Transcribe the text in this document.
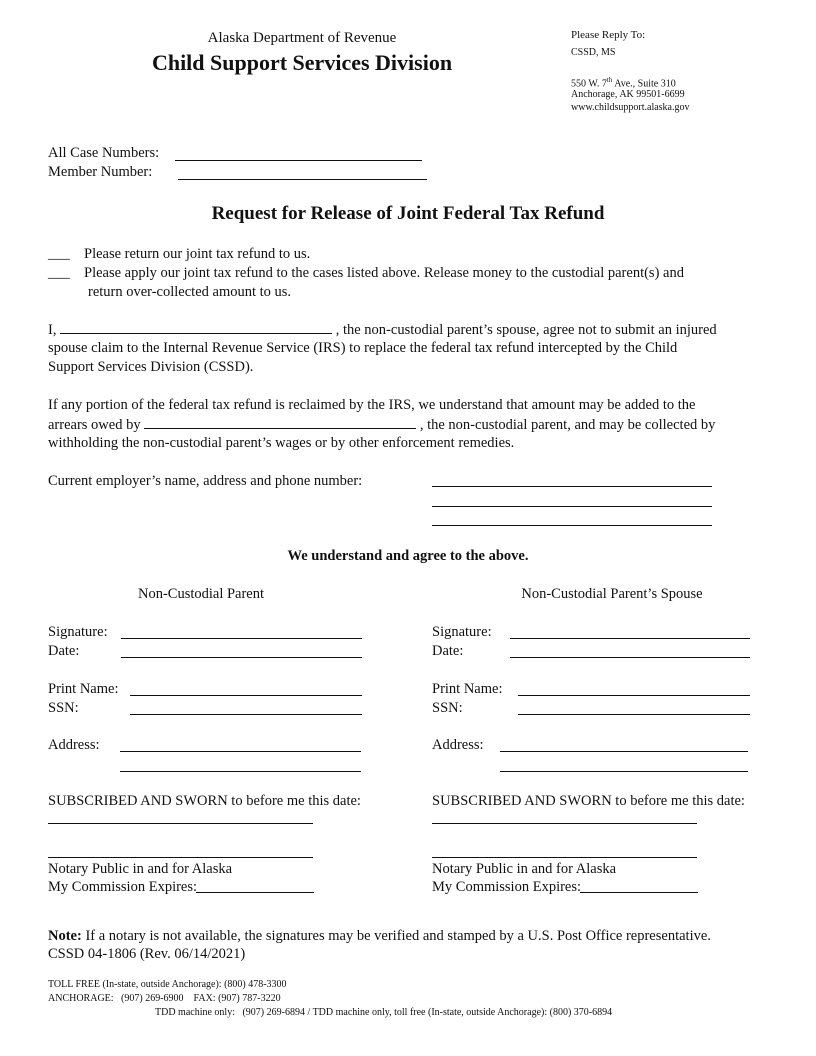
Alaska Department of Revenue
Child Support Services Division
Please Reply To:
CSSD, MS
550 W. 7th Ave., Suite 310
Anchorage, AK 99501-6699
www.childsupport.alaska.gov
All Case Numbers:
Member Number:
Request for Release of Joint Federal Tax Refund
___ Please return our joint tax refund to us.
___ Please apply our joint tax refund to the cases listed above. Release money to the custodial parent(s) and
return over-collected amount to us.
I,	, the non-custodial parent’s spouse, agree not to submit an injured
spouse claim to the Internal Revenue Service (IRS) to replace the federal tax refund intercepted by the Child
Support Services Division (CSSD).
If any portion of the federal tax refund is reclaimed by the IRS, we understand that amount may be added to the
arrears owed by	, the non-custodial parent, and may be collected by
withholding the non-custodial parent’s wages or by other enforcement remedies.
Current employer’s name, address and phone number:
We understand and agree to the above.
Non-Custodial Parent
Signature:
Date:
Print Name:
SSN:
Address:
SUBSCRIBED AND SWORN to before me this date:
Notary Public in and for Alaska
My Commission Expires:
Non-Custodial Parent’s Spouse
Signature:
Date:
Print Name:
SSN:
Address:
SUBSCRIBED AND SWORN to before me this date:
Notary Public in and for Alaska
My Commission Expires:
Note: If a notary is not available, the signatures may be verified and stamped by a U.S. Post Office representative.
CSSD 04-1806 (Rev. 06/14/2021)
TOLL FREE (In-state, outside Anchorage): (800) 478-3300
ANCHORAGE:   (907) 269-6900    FAX: (907) 787-3220
TDD machine only:   (907) 269-6894 / TDD machine only, toll free (In-state, outside Anchorage): (800) 370-6894
